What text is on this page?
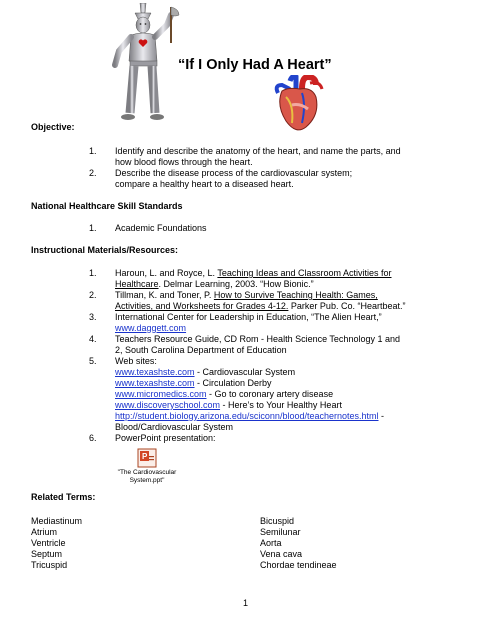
“If I Only Had A Heart”
Objective:
1. Identify and describe the anatomy of the heart, and name the parts, and
how blood flows through the heart.
2. Describe the disease process of the cardiovascular system;
compare a healthy heart to a diseased heart.
National Healthcare Skill Standards
1. Academic Foundations
Instructional Materials/Resources:
1. Haroun, L. and Royce, L. Teaching Ideas and Classroom Activities for
Healthcare. Delmar Learning, 2003. “How Bionic.”
2. Tillman, K. and Toner, P. How to Survive Teaching Health: Games,
Activities, and Worksheets for Grades 4-12. Parker Pub. Co. “Heartbeat.”
3. International Center for Leadership in Education, “The Alien Heart,”
www.daggett.com
4. Teachers Resource Guide, CD Rom - Health Science Technology 1 and
2, South Carolina Department of Education
5. Web sites:
www.texashste.com - Cardiovascular System
www.texashste.com - Circulation Derby
www.micromedics.com - Go to coronary artery disease
www.discoveryschool.com - Here’s to Your Healthy Heart
http://student.biology.arizona.edu/sciconn/blood/teachernotes.html -
Blood/Cardiovascular System
6. PowerPoint presentation:
P
"The Cardiovascular
System.ppt"
Related Terms:
Mediastinum
Atrium
Ventricle
Septum
Tricuspid
Bicuspid
Semilunar
Aorta
Vena cava
Chordae tendineae
1
